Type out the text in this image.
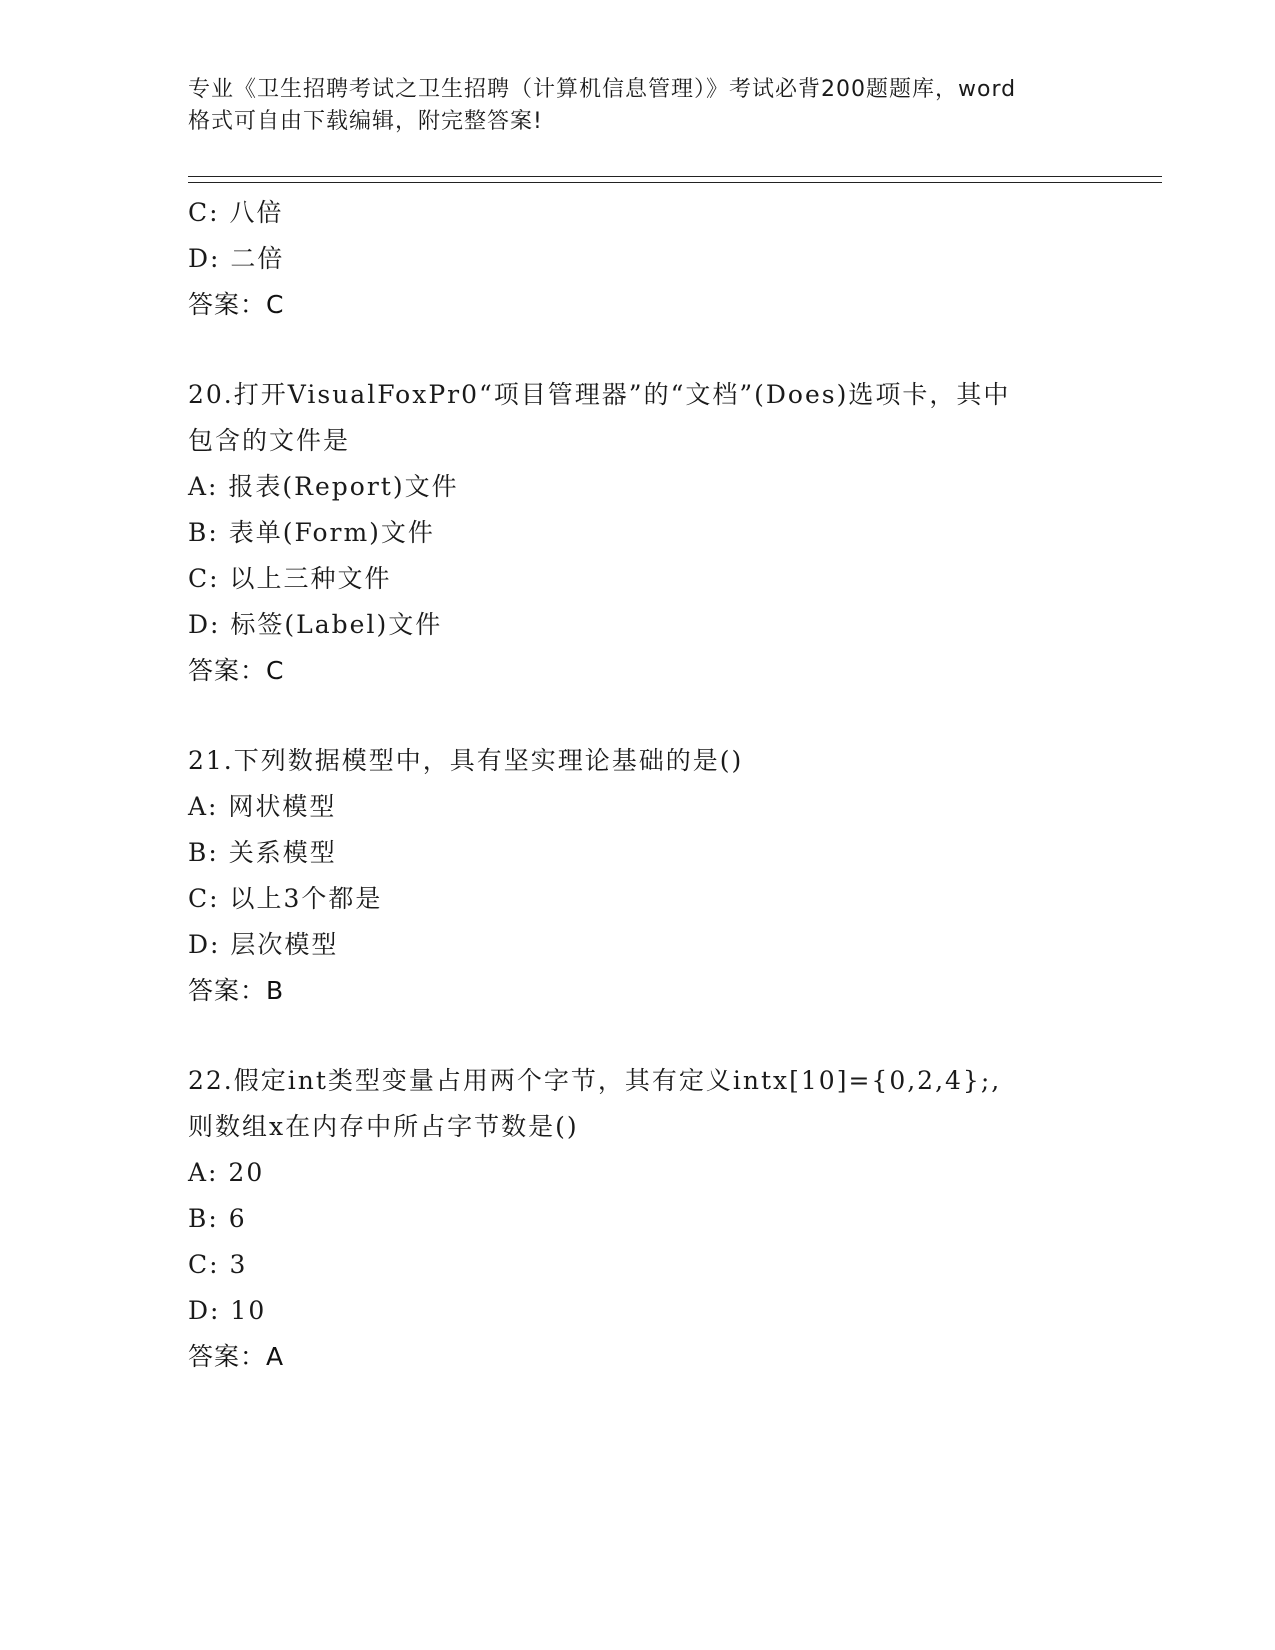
专业《卫生招聘考试之卫生招聘（计算机信息管理）》考试必背200题题库，word
格式可自由下载编辑，附完整答案!
C: 八倍
D: 二倍
答案：C
20.打开VisualFoxPr0“项目管理器”的“文档”(Does)选项卡，其中
包含的文件是
A: 报表(Report)文件
B: 表单(Form)文件
C: 以上三种文件
D: 标签(Label)文件
答案：C
21.下列数据模型中，具有坚实理论基础的是()
A: 网状模型
B: 关系模型
C: 以上3个都是
D: 层次模型
答案：B
22.假定int类型变量占用两个字节，其有定义intx[10]={0,2,4};,
则数组x在内存中所占字节数是()
A: 20
B: 6
C: 3
D: 10
答案：A
